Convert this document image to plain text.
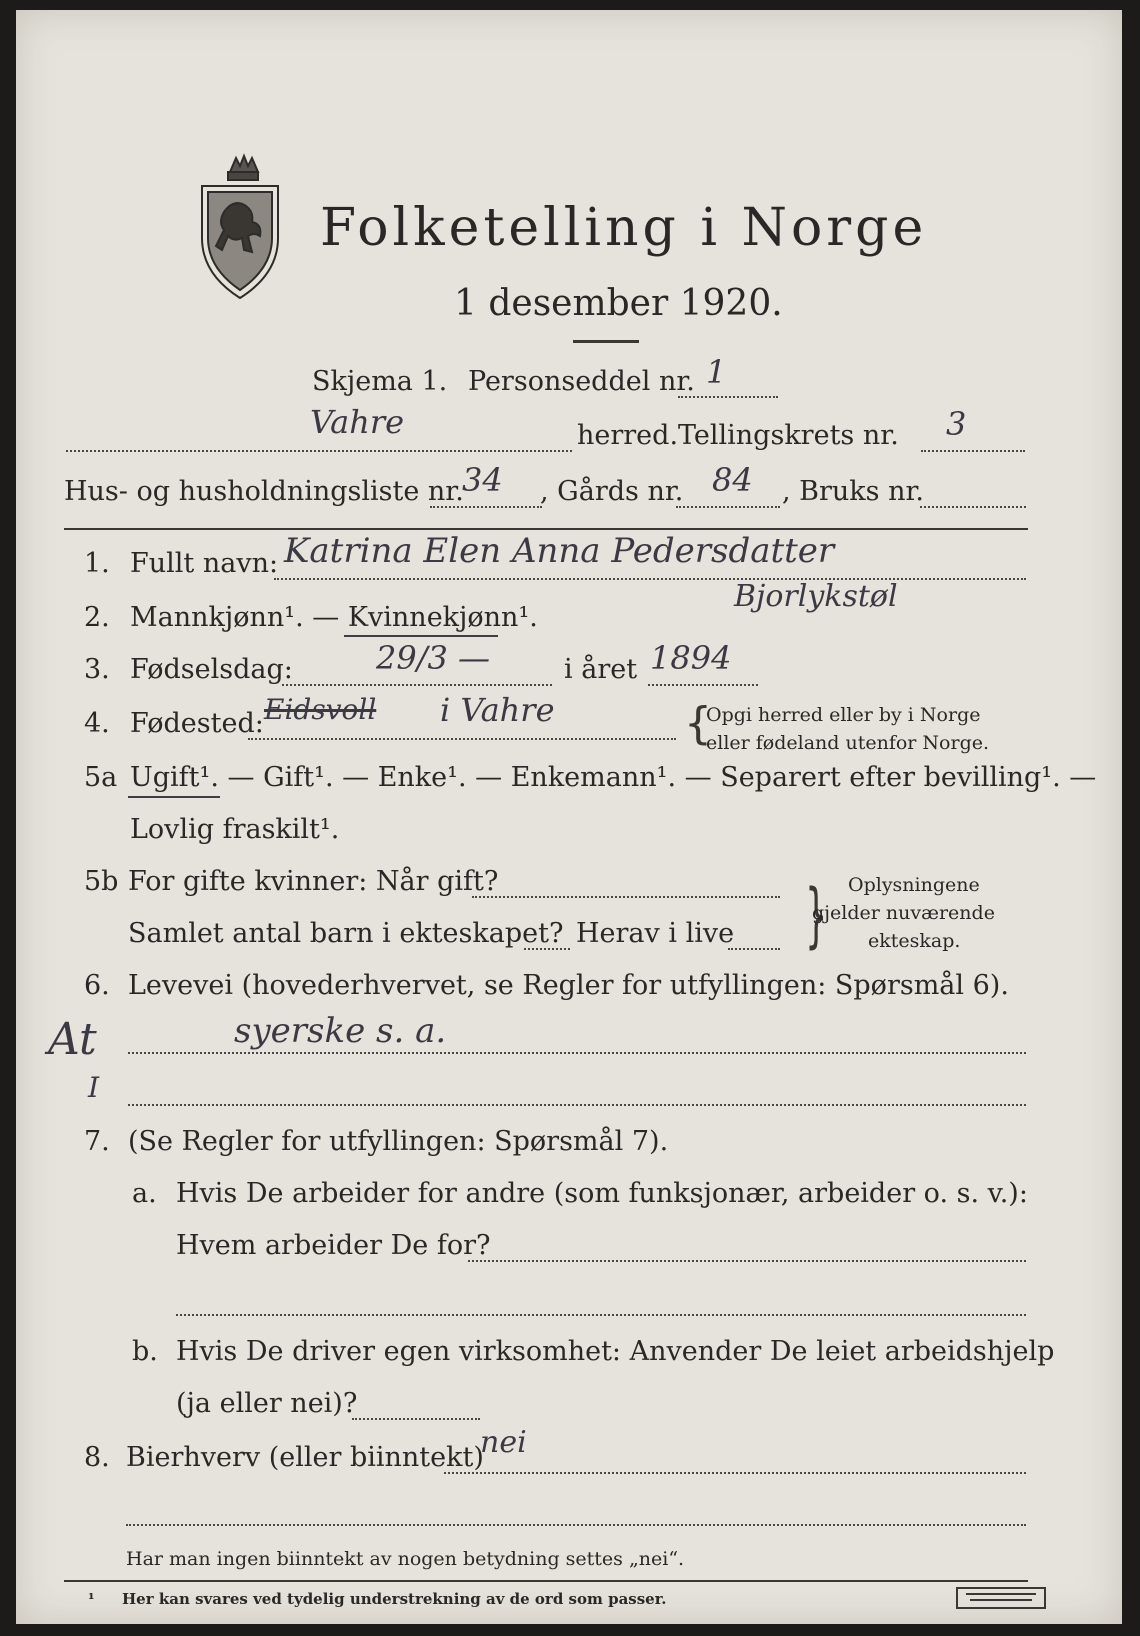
Folketelling i Norge
1 desember 1920.
Skjema 1. Personseddel nr. 1
Vahre	herred. Tellingskrets nr. 3
Hus- og husholdningsliste nr.
34 , Gårds nr. 84 , Bruks nr.
1. Fullt navn: Katrina Elen Anna Pedersdatter
Bjorlykstøl
2. Mannkjønn¹. — Kvinnekjønn¹.
3. Fødselsdag:	29/3 —	i året 1894
4. Fødested: Eidsvoll i Vahre	{
Opgi herred eller by i Norge
eller fødeland utenfor Norge.
5a Ugift¹. — Gift¹. — Enke¹. — Enkemann¹. — Separert efter bevilling¹. —
Lovlig fraskilt¹.
5b For gifte kvinner: Når gift?
Samlet antal barn i ekteskapet? Herav i live } Oplysningene
gjelder nuværende
ekteskap.
6. Levevei (hovederhvervet, se Regler for utfyllingen: Spørsmål 6).
At	syerske s. a.
I
7. (Se Regler for utfyllingen: Spørsmål 7).
a. Hvis De arbeider for andre (som funksjonær, arbeider o. s. v.):
Hvem arbeider De for?
b. Hvis De driver egen virksomhet: Anvender De leiet arbeidshjelp
(ja eller nei)?
8. Bierhverv (eller biinntekt)
nei
Har man ingen biinntekt av nogen betydning settes „nei“.
¹ Her kan svares ved tydelig understrekning av de ord som passer.
